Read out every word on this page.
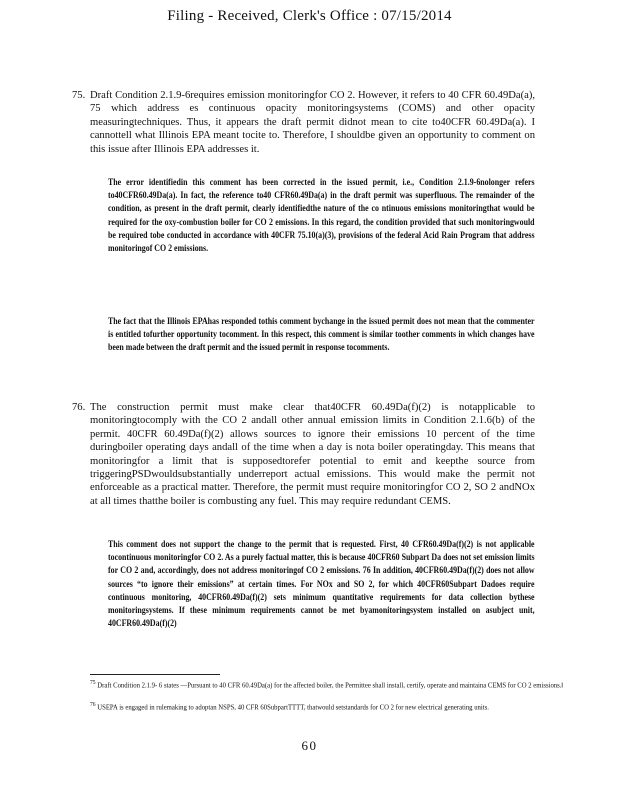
Filing - Received, Clerk's Office : 07/15/2014
75. Draft Condition 2.1.9-6requires emission monitoringfor CO 2. However, it refers to 40 CFR 60.49Da(a), 75 which address es continuous opacity monitoringsystems (COMS) and other opacity measuringtechniques. Thus, it appears the draft permit didnot mean to cite to40CFR 60.49Da(a). I cannottell what Illinois EPA meant tocite to. Therefore, I shouldbe given an opportunity to comment on this issue after Illinois EPA addresses it.
The error identifiedin this comment has been corrected in the issued permit, i.e., Condition 2.1.9-6nolonger refers to40CFR60.49Da(a). In fact, the reference to40 CFR60.49Da(a) in the draft permit was superfluous. The remainder of the condition, as present in the draft permit, clearly identifiedthe nature of the co ntinuous emissions monitoringthat would be required for the oxy-combustion boiler for CO 2 emissions. In this regard, the condition provided that such monitoringwould be required tobe conducted in accordance with 40CFR 75.10(a)(3), provisions of the federal Acid Rain Program that address monitoringof CO 2 emissions.
The fact that the Illinois EPAhas responded tothis comment bychange in the issued permit does not mean that the commenter is entitled tofurther opportunity tocomment. In this respect, this comment is similar toother comments in which changes have been made between the draft permit and the issued permit in response tocomments.
76. The construction permit must make clear that40CFR 60.49Da(f)(2) is notapplicable to monitoringtocomply with the CO 2 andall other annual emission limits in Condition 2.1.6(b) of the permit. 40CFR 60.49Da(f)(2) allows sources to ignore their emissions 10 percent of the time duringboiler operating days andall of the time when a day is nota boiler operatingday. This means that monitoringfor a limit that is supposedtorefer potential to emit and keepthe source from triggeringPSDwouldsubstantially underreport actual emissions. This would make the permit not enforceable as a practical matter. Therefore, the permit must require monitoringfor CO 2, SO 2 andNOx at all times thatthe boiler is combusting any fuel. This may require redundant CEMS.
This comment does not support the change to the permit that is requested. First, 40 CFR60.49Da(f)(2) is not applicable tocontinuous monitoringfor CO 2. As a purely factual matter, this is because 40CFR60 Subpart Da does not set emission limits for CO 2 and, accordingly, does not address monitoringof CO 2 emissions. 76 In addition, 40CFR60.49Da(f)(2) does not allow sources “to ignore their emissions” at certain times. For NOx and SO 2, for which 40CFR60Subpart Dadoes require continuous monitoring, 40CFR60.49Da(f)(2) sets minimum quantitative requirements for data collection bythese monitoringsystems. If these minimum requirements cannot be met byamonitoringsystem installed on asubject unit, 40CFR60.49Da(f)(2)
$^{75}$ Draft Condition 2.1.9- 6 states —Pursuant to 40 CFR 60.49Da(a) for the affected boiler, the Permittee shall install, certify, operate and maintaina CEMS for CO 2 emissions.‖
$^{76}$ USEPA is engaged in rulemaking to adoptan NSPS, 40 CFR 60SubpartTTTT, thatwould setstandards for CO 2 for new electrical generating units.
60
